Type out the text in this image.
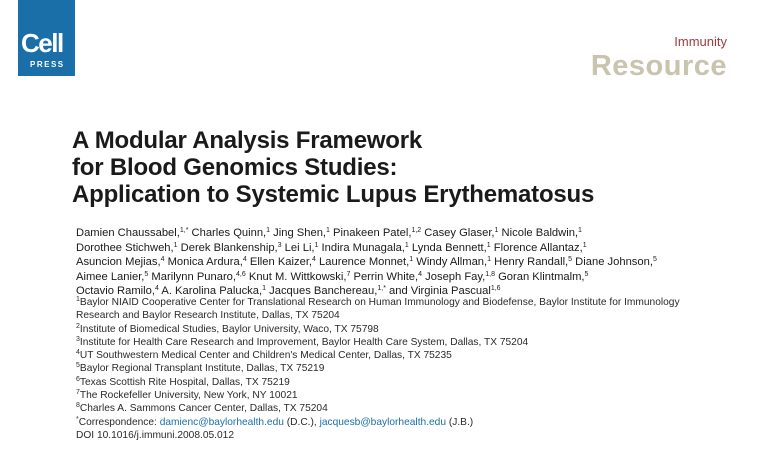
Cell
PRESS
Immunity
Resource
A Modular Analysis Framework
for Blood Genomics Studies:
Application to Systemic Lupus Erythematosus
Damien Chaussabel,$^{1,*}$ Charles Quinn,$^1$ Jing Shen,$^1$ Pinakeen Patel,$^{1,2}$ Casey Glaser,$^1$ Nicole Baldwin,$^1$
Dorothee Stichweh,$^1$ Derek Blankenship,$^3$ Lei Li,$^1$ Indira Munagala,$^1$ Lynda Bennett,$^1$ Florence Allantaz,$^1$
Asuncion Mejias,$^4$ Monica Ardura,$^4$ Ellen Kaizer,$^4$ Laurence Monnet,$^1$ Windy Allman,$^1$ Henry Randall,$^5$ Diane Johnson,$^5$
Aimee Lanier,$^5$ Marilynn Punaro,$^{4,6}$ Knut M. Wittkowski,$^7$ Perrin White,$^4$ Joseph Fay,$^{1,8}$ Goran Klintmalm,$^5$
Octavio Ramilo,$^4$ A. Karolina Palucka,$^1$ Jacques Banchereau,$^{1,*}$ and Virginia Pascual$^{1,6}$
$^1$Baylor NIAID Cooperative Center for Translational Research on Human Immunology and Biodefense, Baylor Institute for Immunology
Research and Baylor Research Institute, Dallas, TX 75204
$^2$Institute of Biomedical Studies, Baylor University, Waco, TX 75798
$^3$Institute for Health Care Research and Improvement, Baylor Health Care System, Dallas, TX 75204
$^4$UT Southwestern Medical Center and Children's Medical Center, Dallas, TX 75235
$^5$Baylor Regional Transplant Institute, Dallas, TX 75219
$^6$Texas Scottish Rite Hospital, Dallas, TX 75219
$^7$The Rockefeller University, New York, NY 10021
$^8$Charles A. Sammons Cancer Center, Dallas, TX 75204
*Correspondence: damienc@baylorhealth.edu (D.C.), jacquesb@baylorhealth.edu (J.B.)
DOI 10.1016/j.immuni.2008.05.012
